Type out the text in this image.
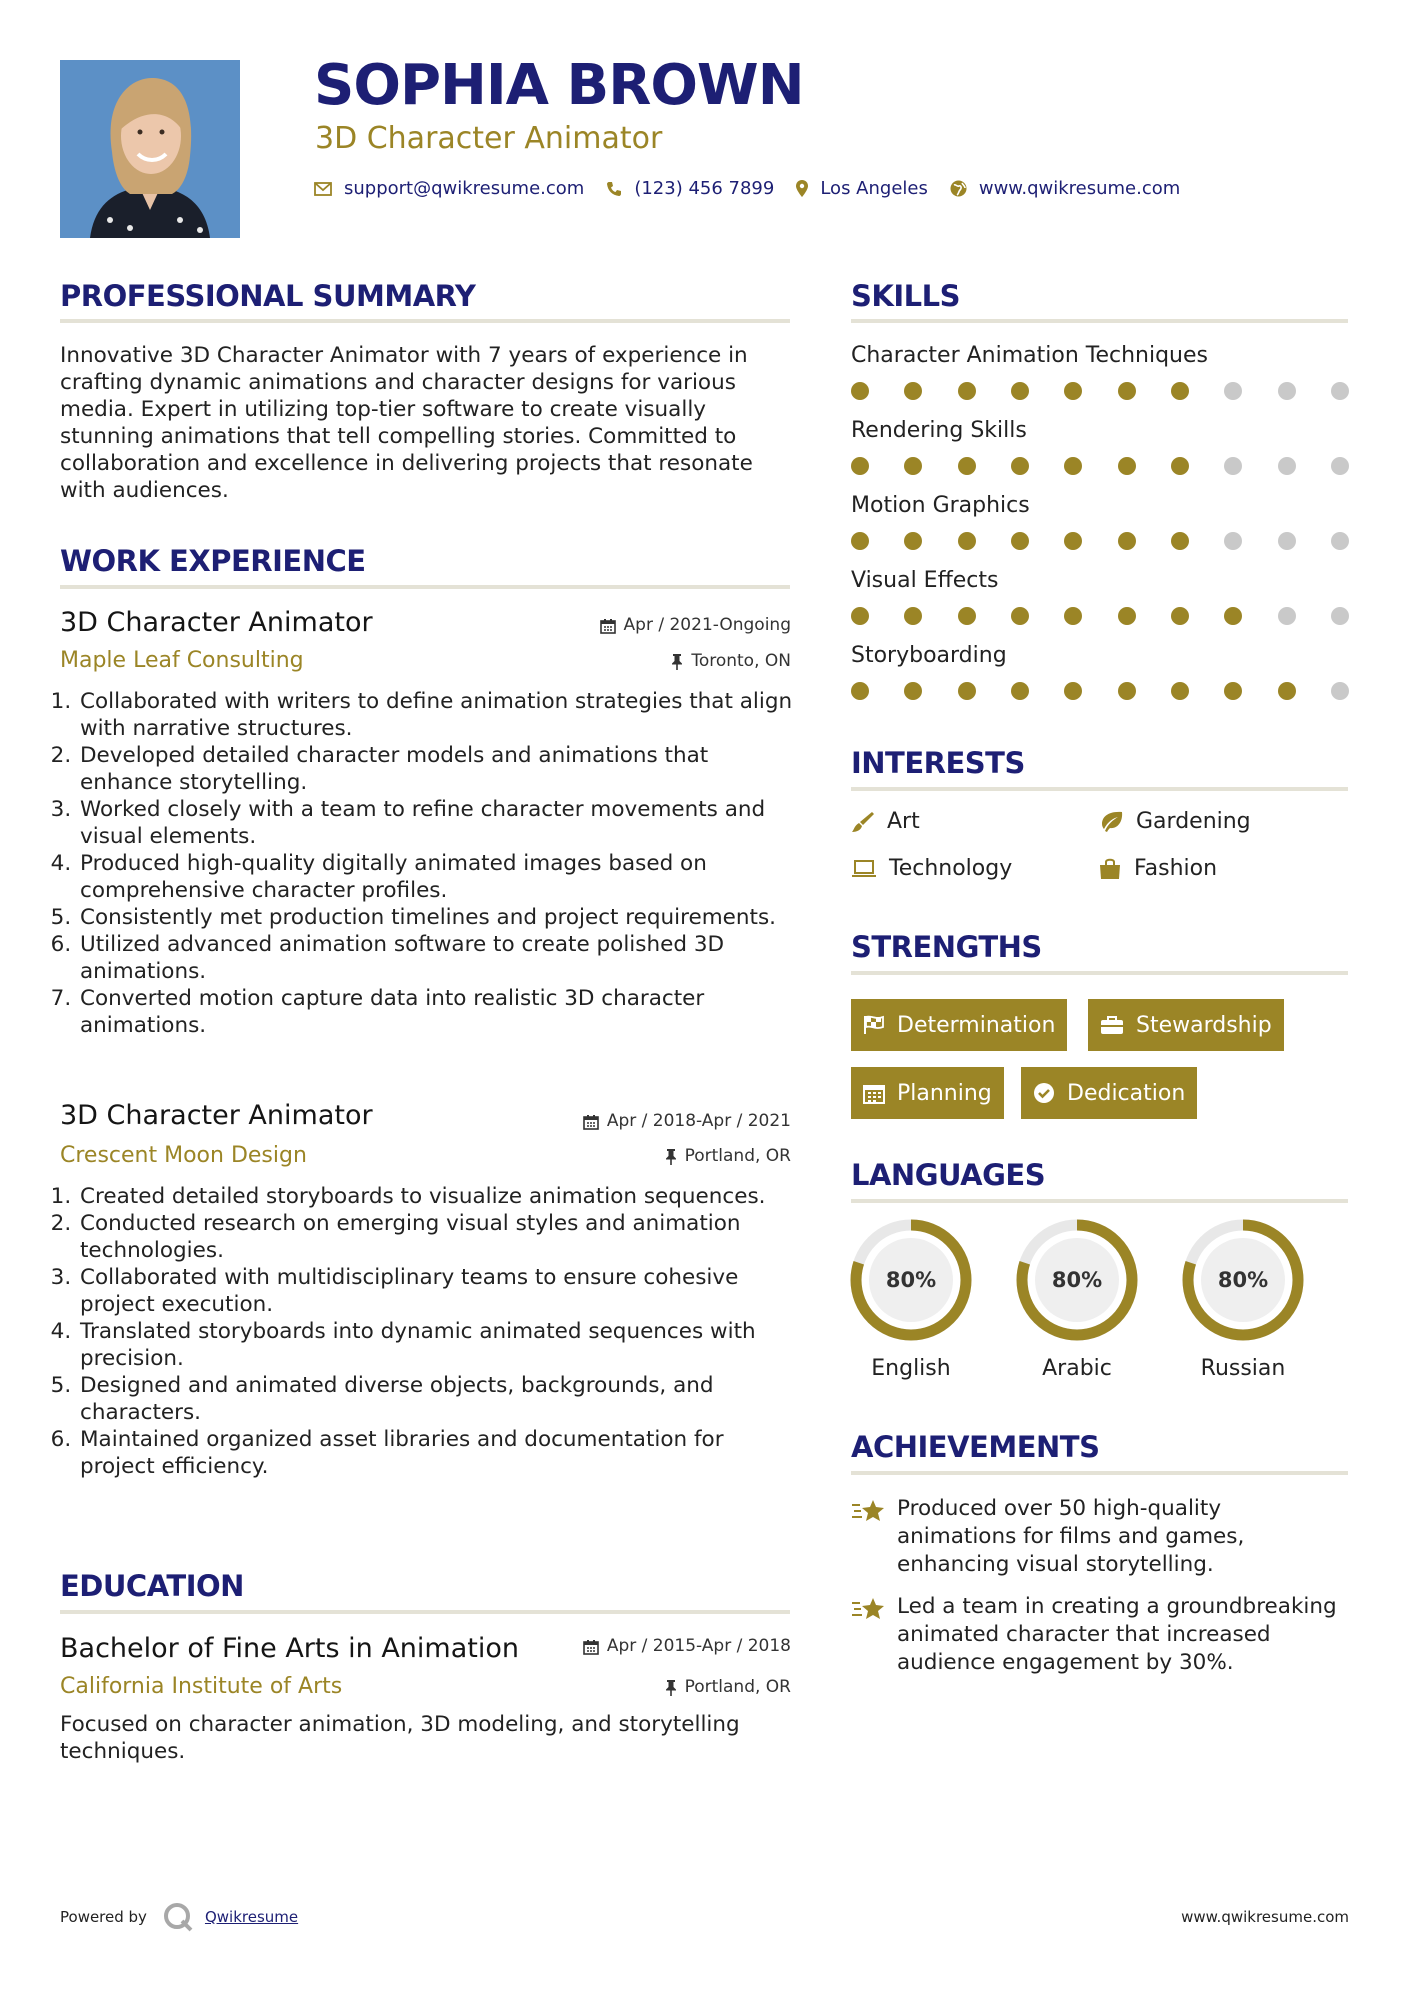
SOPHIA BROWN
3D Character Animator
support@qwikresume.com	(123) 456 7899	Los Angeles	www.qwikresume.com
PROFESSIONAL SUMMARY
Innovative 3D Character Animator with 7 years of experience in crafting dynamic animations and character designs for various media. Expert in utilizing top-tier software to create visually stunning animations that tell compelling stories. Committed to collaboration and excellence in delivering projects that resonate with audiences.
WORK EXPERIENCE
3D Character Animator	Apr / 2021-Ongoing
Maple Leaf Consulting	Toronto, ON
1. Collaborated with writers to define animation strategies that align with narrative structures.
2. Developed detailed character models and animations that enhance storytelling.
3. Worked closely with a team to refine character movements and visual elements.
4. Produced high-quality digitally animated images based on comprehensive character profiles.
5. Consistently met production timelines and project requirements.
6. Utilized advanced animation software to create polished 3D animations.
7. Converted motion capture data into realistic 3D character animations.
3D Character Animator	Apr / 2018-Apr / 2021
Crescent Moon Design	Portland, OR
1. Created detailed storyboards to visualize animation sequences.
2. Conducted research on emerging visual styles and animation technologies.
3. Collaborated with multidisciplinary teams to ensure cohesive project execution.
4. Translated storyboards into dynamic animated sequences with precision.
5. Designed and animated diverse objects, backgrounds, and characters.
6. Maintained organized asset libraries and documentation for project efficiency.
EDUCATION
Bachelor of Fine Arts in Animation	Apr / 2015-Apr / 2018
California Institute of Arts	Portland, OR
Focused on character animation, 3D modeling, and storytelling techniques.
SKILLS
Character Animation Techniques
Rendering Skills
Motion Graphics
Visual Effects
Storyboarding
INTERESTS
Art	Gardening
Technology	Fashion
STRENGTHS
Determination	Stewardship
Planning	Dedication
LANGUAGES
80%
English
80%
Arabic
80%
Russian
ACHIEVEMENTS
Produced over 50 high-quality animations for films and games, enhancing visual storytelling.
Led a team in creating a groundbreaking animated character that increased audience engagement by 30%.
Powered by	Qwikresume	www.qwikresume.com
